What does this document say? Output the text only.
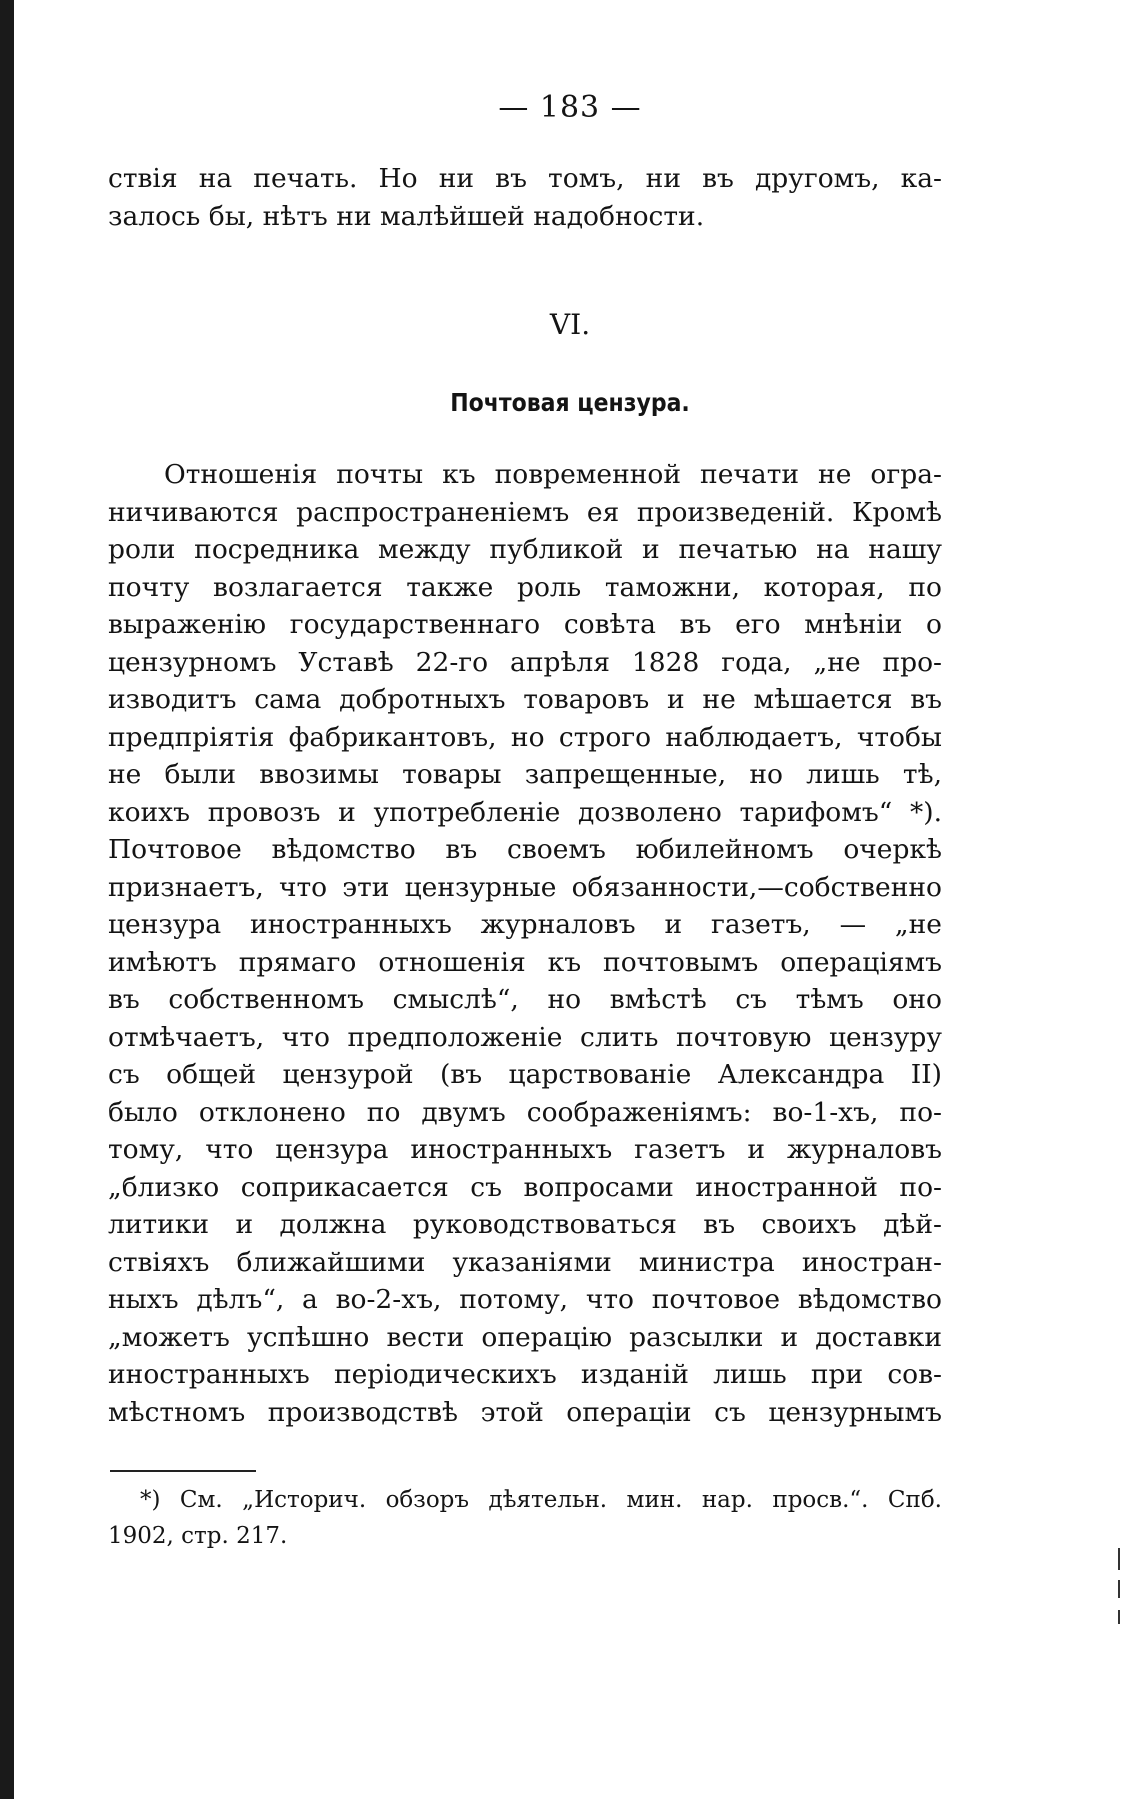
— 183 —
ствія на печать. Но ни въ томъ, ни въ другомъ, ка-
залось бы, нѣтъ ни малѣйшей надобности.
VI.
Почтовая цензура.
Отношенія почты къ повременной печати не огра-
ничиваются распространеніемъ ея произведеній. Кромѣ
роли посредника между публикой и печатью на нашу
почту возлагается также роль таможни, которая, по
выраженію государственнаго совѣта въ его мнѣніи о
цензурномъ Уставѣ 22-го апрѣля 1828 года, „не про-
изводитъ сама добротныхъ товаровъ и не мѣшается въ
предпріятія фабрикантовъ, но строго наблюдаетъ, чтобы
не были ввозимы товары запрещенные, но лишь тѣ,
коихъ провозъ и употребленіе дозволено тарифомъ“ *).
Почтовое вѣдомство въ своемъ юбилейномъ очеркѣ
признаетъ, что эти цензурные обязанности,—собственно
цензура иностранныхъ журналовъ и газетъ, — „не
имѣютъ прямаго отношенія къ почтовымъ операціямъ
въ собственномъ смыслѣ“, но вмѣстѣ съ тѣмъ оно
отмѣчаетъ, что предположеніе слить почтовую цензуру
съ общей цензурой (въ царствованіе Александра II)
было отклонено по двумъ соображеніямъ: во-1-хъ, по-
тому, что цензура иностранныхъ газетъ и журналовъ
„близко соприкасается съ вопросами иностранной по-
литики и должна руководствоваться въ своихъ дѣй-
ствіяхъ ближайшими указаніями министра иностран-
ныхъ дѣлъ“, а во-2-хъ, потому, что почтовое вѣдомство
„можетъ успѣшно вести операцію разсылки и доставки
иностранныхъ періодическихъ изданій лишь при сов-
мѣстномъ производствѣ этой операціи съ цензурнымъ
*) См. „Историч. обзоръ дѣятельн. мин. нар. просв.“. Спб.
1902, стр. 217.
